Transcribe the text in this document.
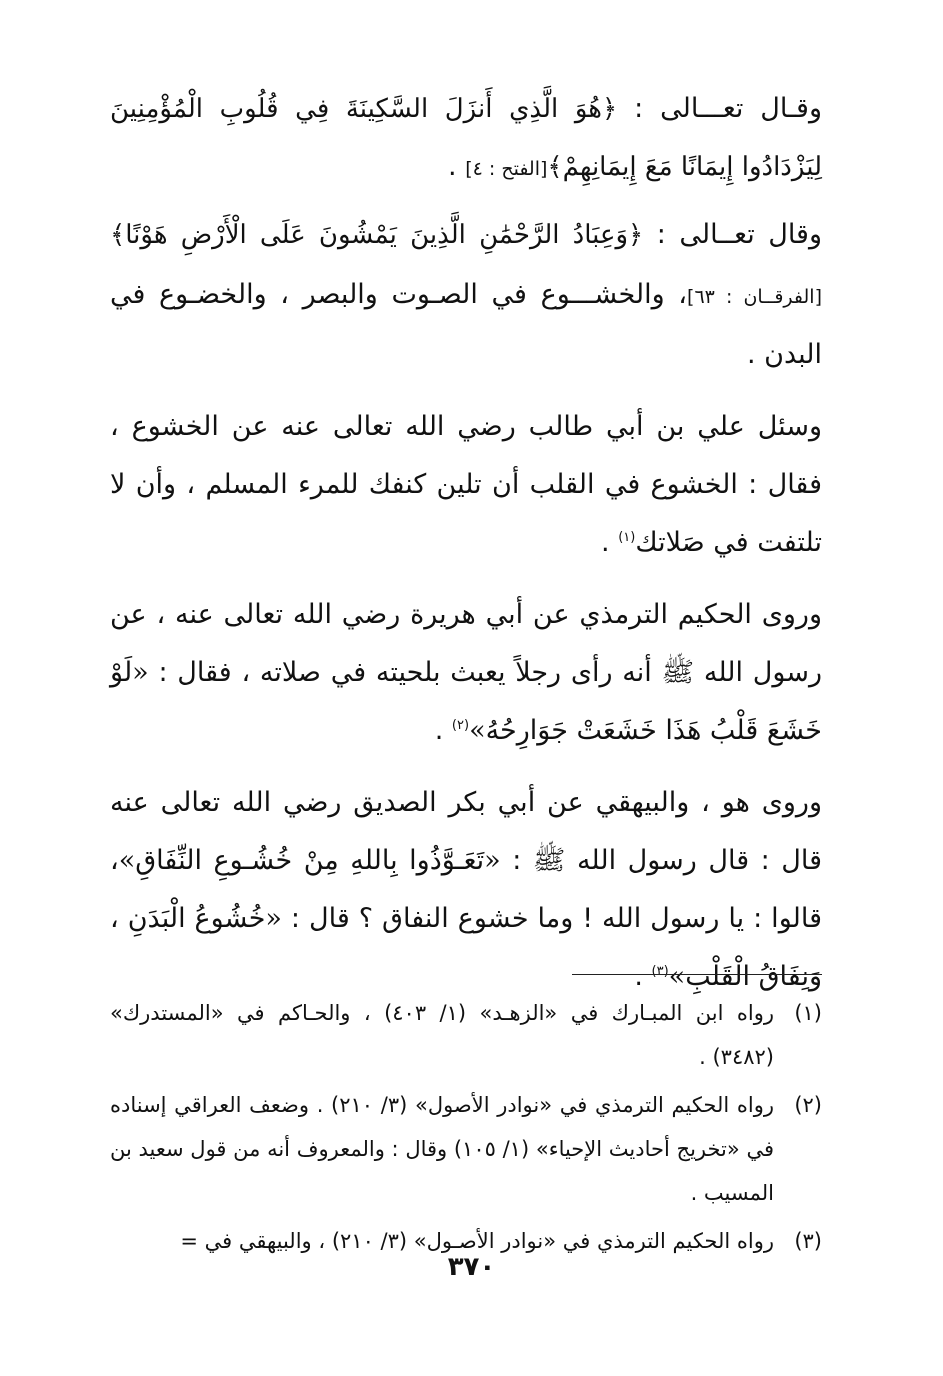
وقـال تعـــالى : ﴿هُوَ الَّذِي أَنزَلَ السَّكِينَةَ فِي قُلُوبِ الْمُؤْمِنِينَ لِيَزْدَادُوا إِيمَانًا مَعَ إِيمَانِهِمْ﴾[الفتح : ٤] .

وقال تعــالى : ﴿وَعِبَادُ الرَّحْمَٰنِ الَّذِينَ يَمْشُونَ عَلَى الْأَرْضِ هَوْنًا﴾ [الفرقــان : ٦٣]، والخشـــوع في الصـوت والبصر ، والخضـوع في البدن .

وسئل علي بن أبي طالب رضي الله تعالى عنه عن الخشوع ، فقال : الخشوع في القلب أن تلين كنفك للمرء المسلم ، وأن لا تلتفت في صَلاتك$^{(١)}$ .

وروى الحكيم الترمذي عن أبي هريرة رضي الله تعالى عنه ، عن رسول الله ﷺ أنه رأى رجلاً يعبث بلحيته في صلاته ، فقال : «لَوْ خَشَعَ قَلْبُ هَذَا خَشَعَتْ جَوَارِحُهُ»$^{(٢)}$ .

وروى هو ، والبيهقي عن أبي بكر الصديق رضي الله تعالى عنه قال : قال رسول الله ﷺ : «تَعَـوَّذُوا بِاللهِ مِنْ خُشُـوعِ النِّفَاقِ»، قالوا : يا رسول الله ! وما خشوع النفاق ؟ قال : «خُشُوعُ الْبَدَنِ ، وَنِفَاقُ الْقَلْبِ»$^{(٣)}$ .

(١)
رواه ابن المبـارك في «الزهـد» (١/ ٤٠٣) ، والحـاكم في «المستدرك» (٣٤٨٢) .
(٢)
رواه الحكيم الترمذي في «نوادر الأصول» (٣/ ٢١٠) . وضعف العراقي إسناده في «تخريج أحاديث الإحياء» (١/ ١٠٥) وقال : والمعروف أنه من قول سعيد بن المسيب .
(٣)
رواه الحكيم الترمذي في «نوادر الأصـول» (٣/ ٢١٠) ، والبيهقي في =
٣٧٠
